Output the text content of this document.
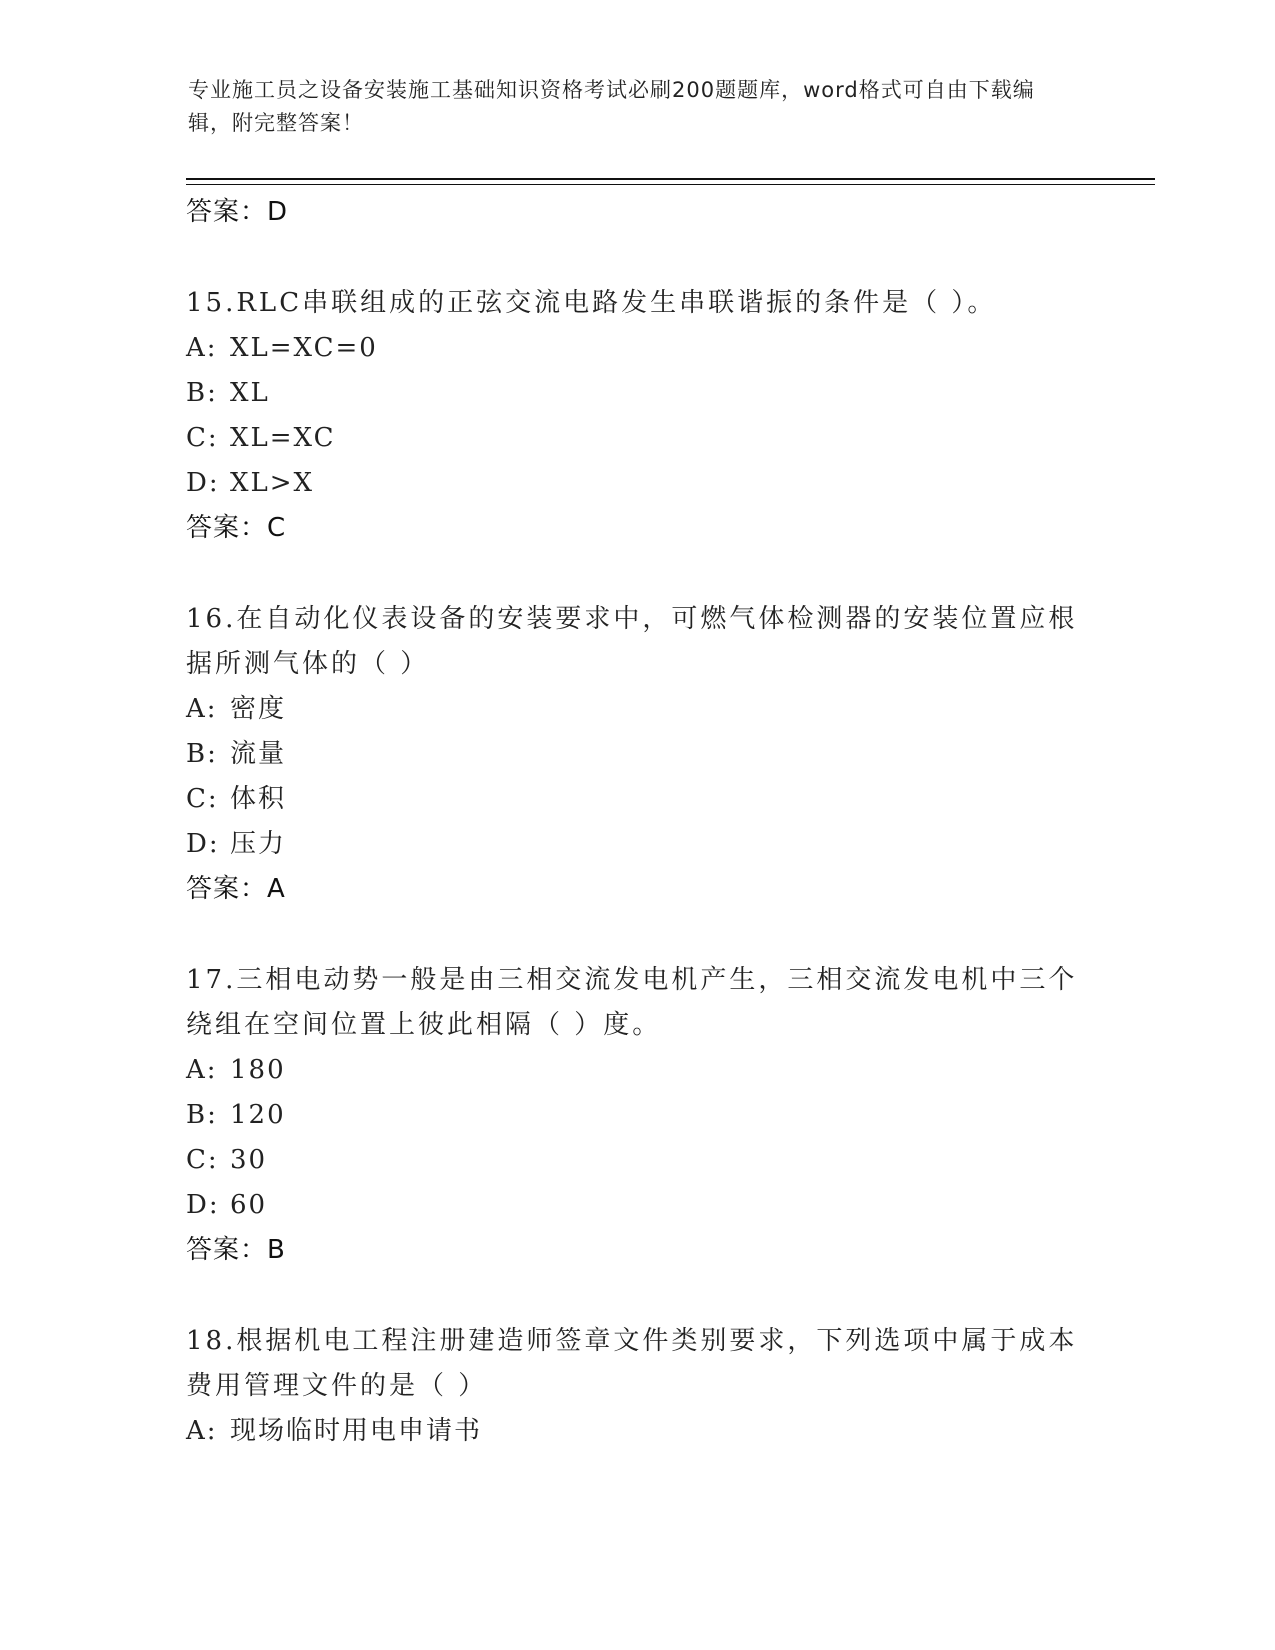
专业施工员之设备安装施工基础知识资格考试必刷200题题库，word格式可自由下载编辑，附完整答案！
答案：D
15.RLC串联组成的正弦交流电路发生串联谐振的条件是（ ）。
A: XL=XC=0
B: XL
C: XL=XC
D: XL>X
答案：C
16.在自动化仪表设备的安装要求中，可燃气体检测器的安装位置应根据所测气体的（ ）
A: 密度
B: 流量
C: 体积
D: 压力
答案：A
17.三相电动势一般是由三相交流发电机产生，三相交流发电机中三个绕组在空间位置上彼此相隔（ ）度。
A: 180
B: 120
C: 30
D: 60
答案：B
18.根据机电工程注册建造师签章文件类别要求，下列选项中属于成本费用管理文件的是（ ）
A: 现场临时用电申请书
